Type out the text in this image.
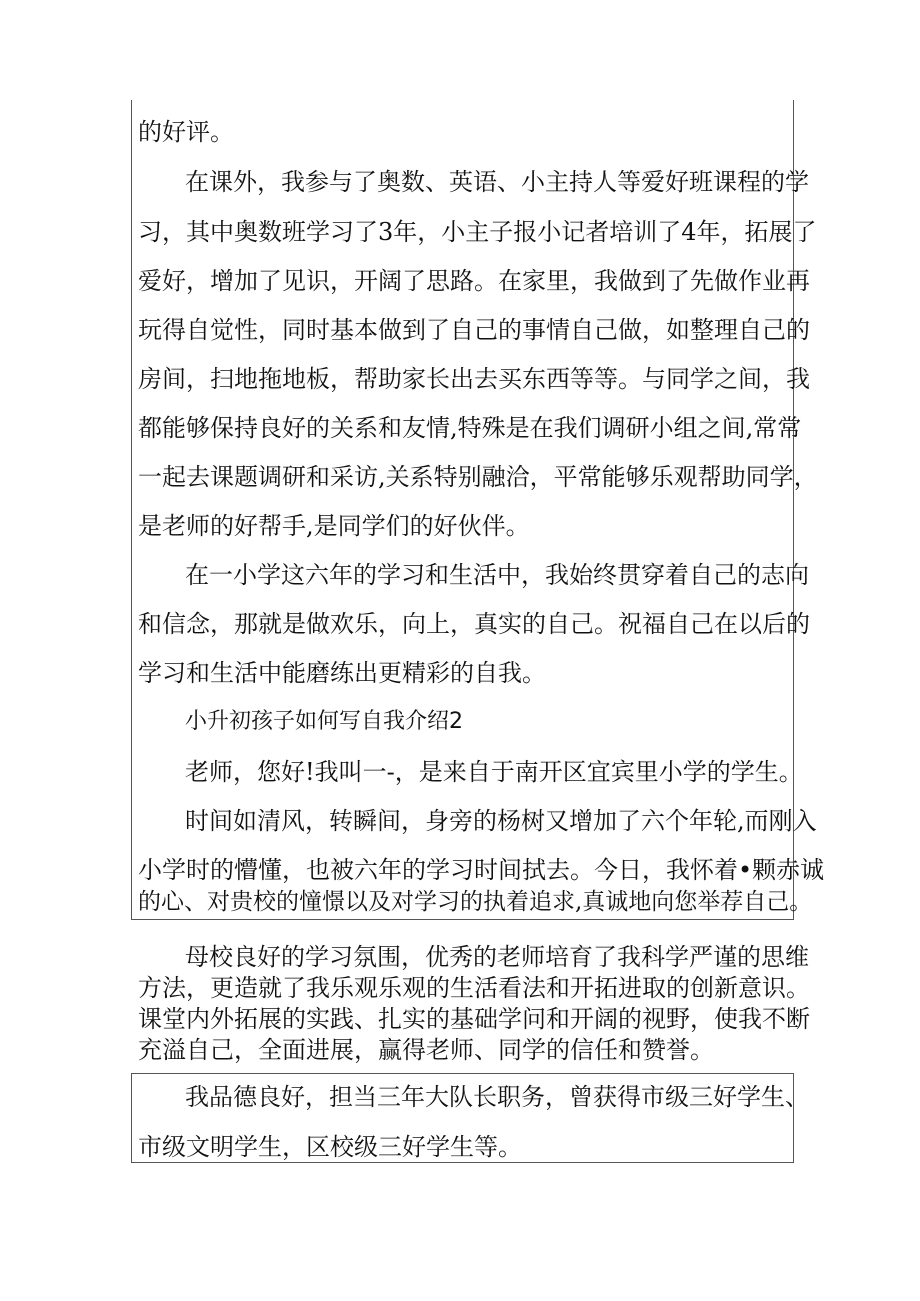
的好评。
在课外，我参与了奥数、英语、小主持人等爱好班课程的学
习，其中奥数班学习了3年，小主子报小记者培训了4年，拓展了
爱好，增加了见识，开阔了思路。在家里，我做到了先做作业再
玩得自觉性，同时基本做到了自己的事情自己做，如整理自己的
房间，扫地拖地板，帮助家长出去买东西等等。与同学之间，我
都能够保持良好的关系和友情,特殊是在我们调研小组之间,常常
一起去课题调研和采访,关系特别融洽，平常能够乐观帮助同学，
是老师的好帮手,是同学们的好伙伴。
在一小学这六年的学习和生活中，我始终贯穿着自己的志向
和信念，那就是做欢乐，向上，真实的自己。祝福自己在以后的
学习和生活中能磨练出更精彩的自我。
小升初孩子如何写自我介绍2
老师，您好!我叫一-，是来自于南开区宜宾里小学的学生。
时间如清风，转瞬间，身旁的杨树又增加了六个年轮,而刚入
小学时的懵懂，也被六年的学习时间拭去。今日，我怀着•颗赤诚
的心、对贵校的憧憬以及对学习的执着追求,真诚地向您举荐自己。
母校良好的学习氛围，优秀的老师培育了我科学严谨的思维
方法，更造就了我乐观乐观的生活看法和开拓进取的创新意识。
课堂内外拓展的实践、扎实的基础学问和开阔的视野，使我不断
充溢自己，全面进展，赢得老师、同学的信任和赞誉。
我品德良好，担当三年大队长职务，曾获得市级三好学生、
市级文明学生，区校级三好学生等。
